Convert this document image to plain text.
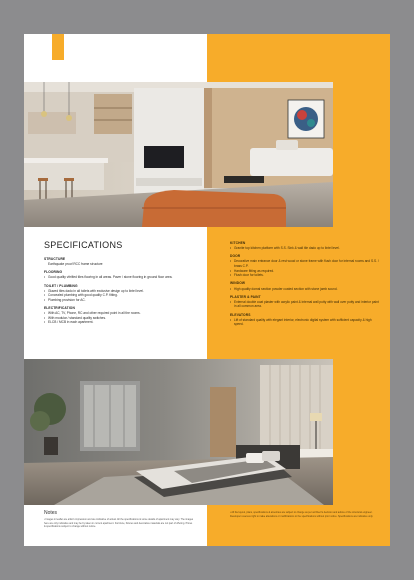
SPECIFICATIONS
STRUCTURE
Earthquake proof RCC frame structure
FLOORING
• Good quality vitrified tiles flooring in all areas. Paver / stone flooring in ground floor area.
TOILET / PLUMBING
• Glazed tiles dado in all toilets with exclusive design up to lintel level.
• Concealed plumbing with good quality C.P. fitting.
• Plumbing provision for AC.
ELECTRIFICATION
• With AC, TV, Phone, RC and other required point in all the rooms.
• With modular / standard quality switches.
• ELCB / MCB in each apartment.
KITCHEN
• Granite top kitchen platform with S.S. Sink & wall tile dado up to lintel level.
DOOR
• Decorative main entrance door & rest wood or stone frame with flush door for internal rooms and S.S. / brass C.P.
• Hardware fitting as required.
• Flush door for toilets.
WINDOW
• High quality domal section powder coated section with stone jamb sound.
PLASTER & PAINT
• External double coat plaster with acrylic paint & internal wall putty with wall over putty and interior paint in all common area.
ELEVATORS
• Lift of standard quality with elegant interior, electronic digital system with sufficient capacity & high speed.
Notes
• Images in leaflet are artist's impression and are indicative of actual. All the specifications & some details of apartment may vary. The images here are only indicative and may be by taken in current apartment. Furniture, fixtures and decorative materials are not part of offering. Prices & specifications subject to change without notice.
• All the layout, plans, specifications & amenities are subject to change as per architect's decision and advice of the structural engineer. Developer reserves right to make alterations or modifications to the specifications without prior notice. Specifications are indicative only.
